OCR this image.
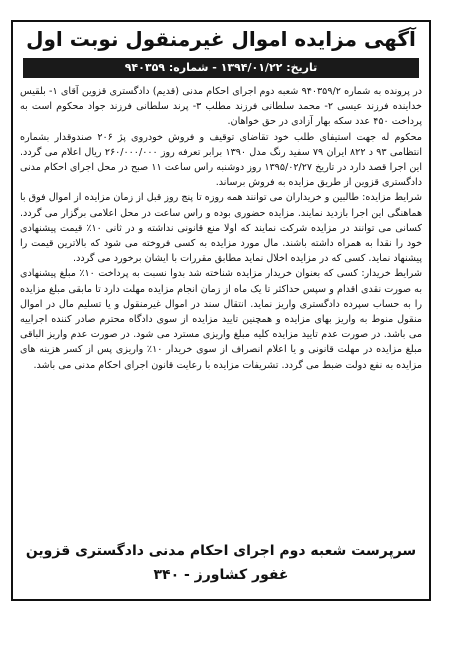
آگهی مزایده اموال غیرمنقول نوبت اول
تاریخ: ۱۳۹۴/۰۱/۲۲ - شماره: ۹۴۰۳۵۹

در پرونده به شماره ۹۴۰۳۵۹/۲ شعبه دوم اجرای احکام مدنی (قدیم) دادگستری قزوین آقای ۱- بلقیس خداینده فرزند عیسی ۲- محمد سلطانی فرزند مطلب ۳- پرند سلطانی فرزند جواد محکوم است به پرداخت ۴۵۰ عدد سکه بهار آزادی در حق خواهان.

محکوم له جهت استیفای طلب خود تقاضای توقیف و فروش خودروی پژ ۲۰۶ صندوقدار بشماره انتظامی ۹۳ د ۸۲۲ ایران ۷۹ سفید رنگ مدل ۱۳۹۰ برابر تعرفه روز ۲۶۰/۰۰۰/۰۰۰ ریال اعلام می گردد. این اجرا قصد دارد در تاریخ ۱۳۹۵/۰۲/۲۷ روز دوشنبه راس ساعت ۱۱ صبح در محل اجرای احکام مدنی دادگستری قزوین از طریق مزایده به فروش برساند.

شرایط مزایده: طالبین و خریداران می توانند همه روزه تا پنج روز قبل از زمان مزایده از اموال فوق با هماهنگی این اجرا بازدید نمایند. مزایده حضوری بوده و راس ساعت در محل اعلامی برگزار می گردد. کسانی می توانند در مزایده شرکت نمایند که اولا منع قانونی نداشته و در ثانی ۱۰٪ قیمت پیشنهادی خود را نقدا به همراه داشته باشند. مال مورد مزایده به کسی فروخته می شود که بالاترین قیمت را پیشنهاد نماید. کسی که در مزایده اخلال نماید مطابق مقررات با ایشان برخورد می گردد.

شرایط خریدار: کسی که بعنوان خریدار مزایده شناخته شد بدوا نسبت به پرداخت ۱۰٪ مبلغ پیشنهادی به صورت نقدی اقدام و سپس حداکثر تا یک ماه از زمان انجام مزایده مهلت دارد تا مابقی مبلغ مزایده را به حساب سپرده دادگستری واریز نماید. انتقال سند در اموال غیرمنقول و یا تسلیم مال در اموال منقول منوط به واریز بهای مزایده و همچنین تایید مزایده از سوی دادگاه محترم صادر کننده اجراییه می باشد. در صورت عدم تایید مزایده کلیه مبلغ واریزی مسترد می شود. در صورت عدم واریز الباقی مبلغ مزایده در مهلت قانونی و یا اعلام انصراف از سوی خریدار ۱۰٪ واریزی پس از کسر هزینه های مزایده به نفع دولت ضبط می گردد. تشریفات مزایده با رعایت قانون اجرای احکام مدنی می باشد.

سرپرست شعبه دوم اجرای احکام مدنی دادگستری قزوین
غفور کشاورز - ۳۴۰
